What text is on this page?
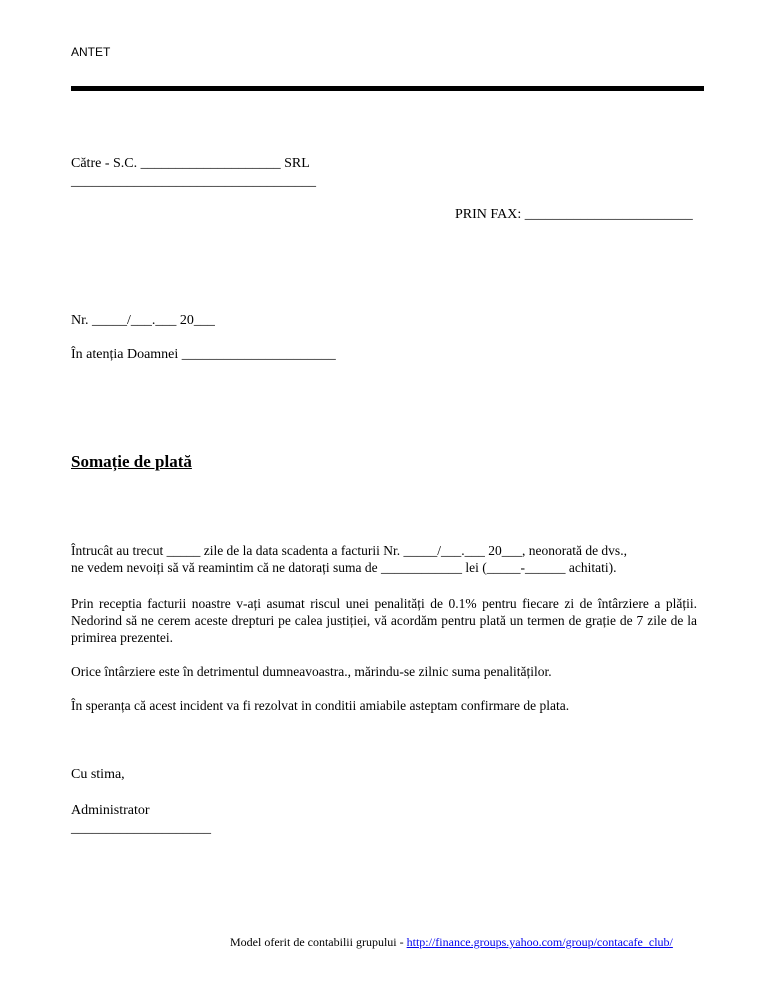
ANTET
Către - S.C. ____________________ SRL
___________________________________
PRIN FAX: ________________________
Nr. _____/___.___ 20___
În atenția Doamnei ______________________
Somație de plată
Întrucât au trecut _____ zile de la data scadenta a facturii Nr. _____/___.___ 20___, neonorată de dvs.,
ne vedem nevoiți să vă reamintim că ne datorați suma de ____________ lei (_____-______ achitati).
Prin receptia facturii noastre v-ați asumat riscul unei penalități de 0.1% pentru fiecare zi de întârziere a plății. Nedorind să ne cerem aceste drepturi pe calea justiției, vă acordăm pentru plată un termen de grație de 7 zile de la primirea prezentei.
Orice întârziere este în detrimentul dumneavoastra., mărindu-se zilnic suma penalităților.
În speranța că acest incident va fi rezolvat in conditii amiabile asteptam confirmare de plata.
Cu stima,
Administrator
____________________
Model oferit de contabilii grupului - http://finance.groups.yahoo.com/group/contacafe_club/
